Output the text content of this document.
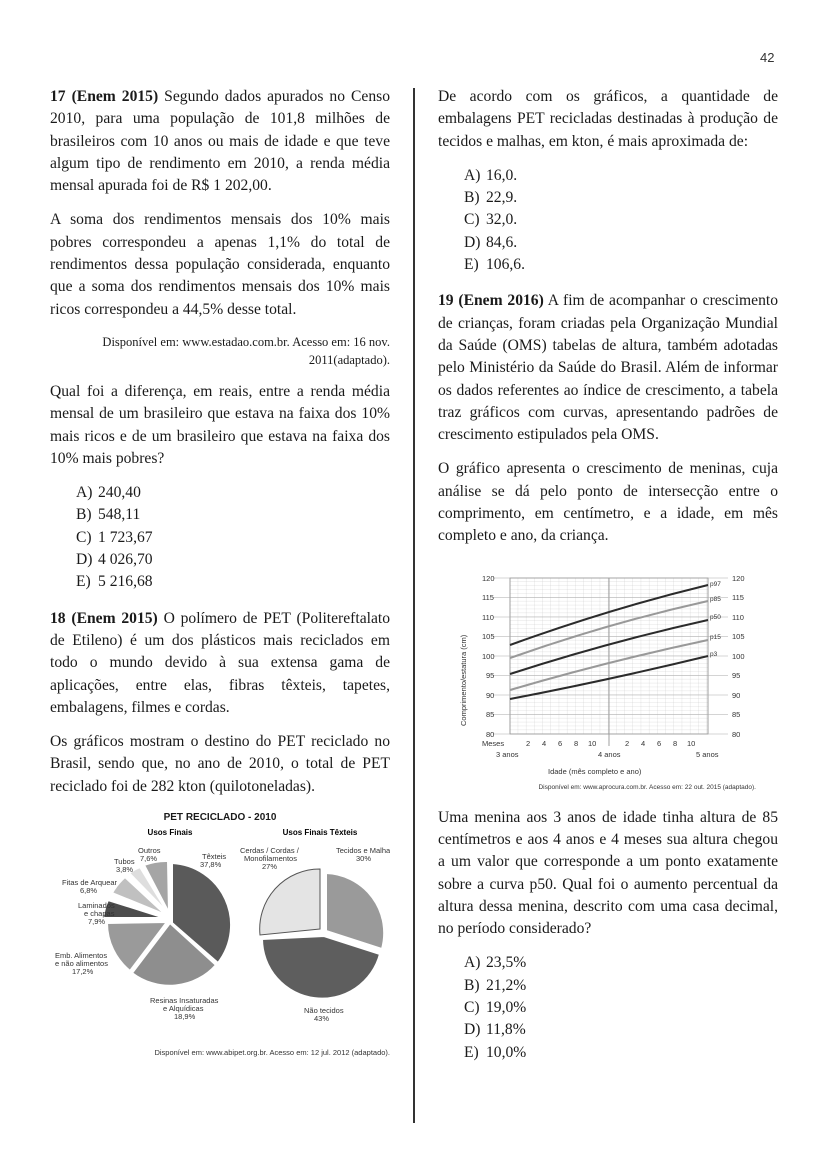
42

17 (Enem 2015) Segundo dados apurados no Censo 2010, para uma população de 101,8 milhões de brasileiros com 10 anos ou mais de idade e que teve algum tipo de rendimento em 2010, a renda média mensal apurada foi de R$ 1 202,00.

A soma dos rendimentos mensais dos 10% mais pobres correspondeu a apenas 1,1% do total de rendimentos dessa população considerada, enquanto que a soma dos rendimentos mensais dos 10% mais ricos correspondeu a 44,5% desse total.

Disponível em: www.estadao.com.br. Acesso em: 16 nov. 2011(adaptado).

Qual foi a diferença, em reais, entre a renda média mensal de um brasileiro que estava na faixa dos 10% mais ricos e de um brasileiro que estava na faixa dos 10% mais pobres?

A) 240,40
B) 548,11
C) 1 723,67
D) 4 026,70
E) 5 216,68

18 (Enem 2015) O polímero de PET (Politereftalato de Etileno) é um dos plásticos mais reciclados em todo o mundo devido à sua extensa gama de aplicações, entre elas, fibras têxteis, tapetes, embalagens, filmes e cordas.

Os gráficos mostram o destino do PET reciclado no Brasil, sendo que, no ano de 2010, o total de PET reciclado foi de 282 kton (quilotoneladas).

PET RECICLADO - 2010
Usos Finais	Usos Finais Têxteis
Têxteis
37,8%
Outros
7,6%
Tubos
3,8%
Fitas de Arquear
6,8%
Laminados
e chapas
7,9%
Emb. Alimentos
e não alimentos
17,2%
Resinas Insaturadas
e Alquídicas
18,9%
Cerdas / Cordas /
Monofilamentos
27%
Tecidos e Malhas
30%
Não tecidos
43%
Disponível em: www.abipet.org.br. Acesso em: 12 jul. 2012 (adaptado).

De acordo com os gráficos, a quantidade de embalagens PET recicladas destinadas à produção de tecidos e malhas, em kton, é mais aproximada de:

A) 16,0.
B) 22,9.
C) 32,0.
D) 84,6.
E) 106,6.

19 (Enem 2016) A fim de acompanhar o crescimento de crianças, foram criadas pela Organização Mundial da Saúde (OMS) tabelas de altura, também adotadas pelo Ministério da Saúde do Brasil. Além de informar os dados referentes ao índice de crescimento, a tabela traz gráficos com curvas, apresentando padrões de crescimento estipulados pela OMS.

O gráfico apresenta o crescimento de meninas, cuja análise se dá pelo ponto de intersecção entre o comprimento, em centímetro, e a idade, em mês completo e ano, da criança.

120
115
110
105
100
95
90
85
80
120
115
110
105
100
95
90
85
80
Comprimento/estatura (cm)
p97
p85
p50
p15
p3
Meses	2 4 6 8 10	2 4 6 8 10
3 anos	4 anos	5 anos
Idade (mês completo e ano)
Disponível em: www.aprocura.com.br. Acesso em: 22 out. 2015 (adaptado).

Uma menina aos 3 anos de idade tinha altura de 85 centímetros e aos 4 anos e 4 meses sua altura chegou a um valor que corresponde a um ponto exatamente sobre a curva p50. Qual foi o aumento percentual da altura dessa menina, descrito com uma casa decimal, no período considerado?

A) 23,5%
B) 21,2%
C) 19,0%
D) 11,8%
E) 10,0%
